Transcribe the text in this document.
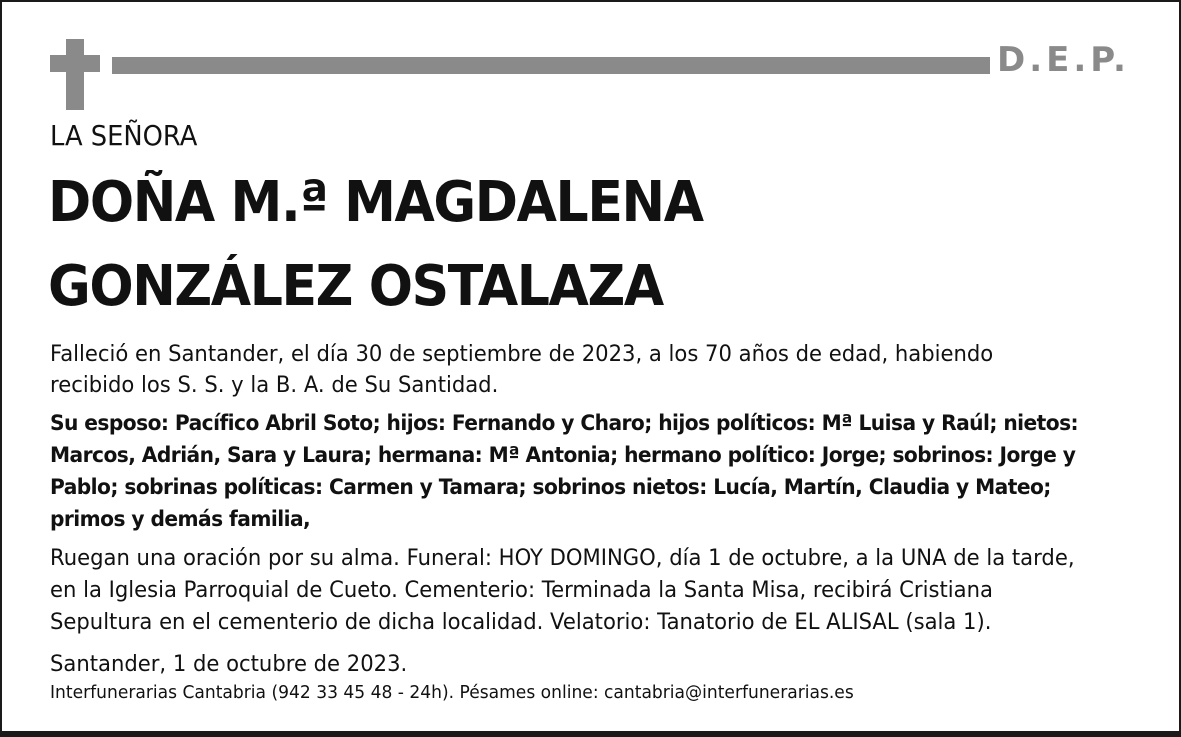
D.E.P.
LA SEÑORA
DOÑA M.ª MAGDALENA
GONZÁLEZ OSTALAZA
Falleció en Santander, el día 30 de septiembre de 2023, a los 70 años de edad, habiendo
recibido los S. S. y la B. A. de Su Santidad.
Su esposo: Pacífico Abril Soto; hijos: Fernando y Charo; hijos políticos: Mª Luisa y Raúl; nietos:
Marcos, Adrián, Sara y Laura; hermana: Mª Antonia; hermano político: Jorge; sobrinos: Jorge y
Pablo; sobrinas políticas: Carmen y Tamara; sobrinos nietos: Lucía, Martín, Claudia y Mateo;
primos y demás familia,
Ruegan una oración por su alma. Funeral: HOY DOMINGO, día 1 de octubre, a la UNA de la tarde,
en la Iglesia Parroquial de Cueto. Cementerio: Terminada la Santa Misa, recibirá Cristiana
Sepultura en el cementerio de dicha localidad. Velatorio: Tanatorio de EL ALISAL (sala 1).
Santander, 1 de octubre de 2023.
Interfunerarias Cantabria (942 33 45 48 - 24h). Pésames online: cantabria@interfunerarias.es
